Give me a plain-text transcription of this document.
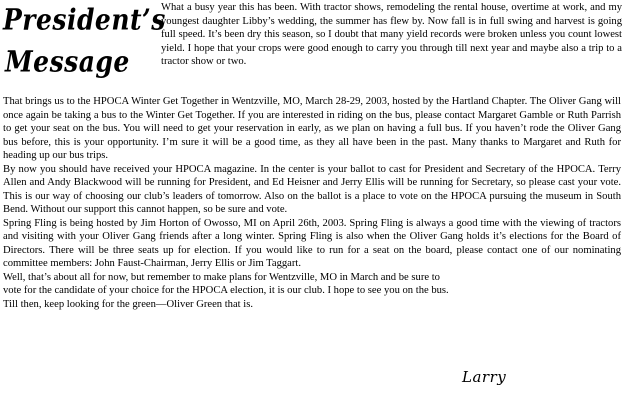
President’s
Message
What a busy year this has been. With tractor shows, remodeling the rental house, overtime at work, and my youngest daughter Libby’s wedding, the summer has flew by. Now fall is in full swing and harvest is going full speed. It’s been dry this season, so I doubt that many yield records were broken unless you count lowest yield. I hope that your crops were good enough to carry you through till next year and maybe also a trip to a tractor show or two.

That brings us to the HPOCA Winter Get Together in Wentzville, MO, March 28-29, 2003, hosted by the Hartland Chapter. The Oliver Gang will once again be taking a bus to the Winter Get Together. If you are interested in riding on the bus, please contact Margaret Gamble or Ruth Parrish to get your seat on the bus. You will need to get your reservation in early, as we plan on having a full bus. If you haven’t rode the Oliver Gang bus before, this is your opportunity. I’m sure it will be a good time, as they all have been in the past. Many thanks to Margaret and Ruth for heading up our bus trips.

By now you should have received your HPOCA magazine. In the center is your ballot to cast for President and Secretary of the HPOCA. Terry Allen and Andy Blackwood will be running for President, and Ed Heisner and Jerry Ellis will be running for Secretary, so please cast your vote. This is our way of choosing our club’s leaders of tomorrow. Also on the ballot is a place to vote on the HPOCA pursuing the museum in South Bend. Without our support this cannot happen, so be sure and vote.

Spring Fling is being hosted by Jim Horton of Owosso, MI on April 26th, 2003. Spring Fling is always a good time with the viewing of tractors and visiting with your Oliver Gang friends after a long winter. Spring Fling is also when the Oliver Gang holds it’s elections for the Board of Directors. There will be three seats up for election. If you would like to run for a seat on the board, please contact one of our nominating committee members: John Faust-Chairman, Jerry Ellis or Jim Taggart.

Well, that’s about all for now, but remember to make plans for Wentzville, MO in March and be sure to vote for the candidate of your choice for the HPOCA election, it is our club. I hope to see you on the bus. Till then, keep looking for the green—Oliver Green that is.

Larry
